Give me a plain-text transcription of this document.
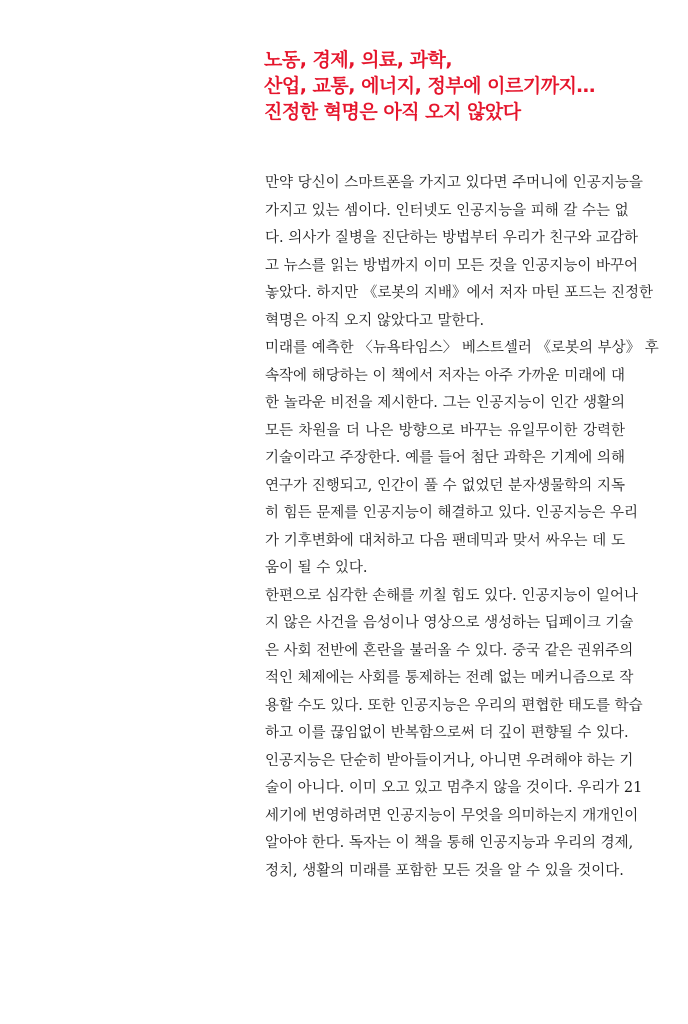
노동, 경제, 의료, 과학,
산업, 교통, 에너지, 정부에 이르기까지…
진정한 혁명은 아직 오지 않았다
만약 당신이 스마트폰을 가지고 있다면 주머니에 인공지능을
가지고 있는 셈이다. 인터넷도 인공지능을 피해 갈 수는 없
다. 의사가 질병을 진단하는 방법부터 우리가 친구와 교감하
고 뉴스를 읽는 방법까지 이미 모든 것을 인공지능이 바꾸어
놓았다. 하지만 《로봇의 지배》에서 저자 마틴 포드는 진정한
혁명은 아직 오지 않았다고 말한다.
미래를 예측한 〈뉴욕타임스〉 베스트셀러 《로봇의 부상》 후
속작에 해당하는 이 책에서 저자는 아주 가까운 미래에 대
한 놀라운 비전을 제시한다. 그는 인공지능이 인간 생활의
모든 차원을 더 나은 방향으로 바꾸는 유일무이한 강력한
기술이라고 주장한다. 예를 들어 첨단 과학은 기계에 의해
연구가 진행되고, 인간이 풀 수 없었던 분자생물학의 지독
히 힘든 문제를 인공지능이 해결하고 있다. 인공지능은 우리
가 기후변화에 대처하고 다음 팬데믹과 맞서 싸우는 데 도
움이 될 수 있다.
한편으로 심각한 손해를 끼칠 힘도 있다. 인공지능이 일어나
지 않은 사건을 음성이나 영상으로 생성하는 딥페이크 기술
은 사회 전반에 혼란을 불러올 수 있다. 중국 같은 권위주의
적인 체제에는 사회를 통제하는 전례 없는 메커니즘으로 작
용할 수도 있다. 또한 인공지능은 우리의 편협한 태도를 학습
하고 이를 끊임없이 반복함으로써 더 깊이 편향될 수 있다.
인공지능은 단순히 받아들이거나, 아니면 우려해야 하는 기
술이 아니다. 이미 오고 있고 멈추지 않을 것이다. 우리가 21
세기에 번영하려면 인공지능이 무엇을 의미하는지 개개인이
알아야 한다. 독자는 이 책을 통해 인공지능과 우리의 경제,
정치, 생활의 미래를 포함한 모든 것을 알 수 있을 것이다.
